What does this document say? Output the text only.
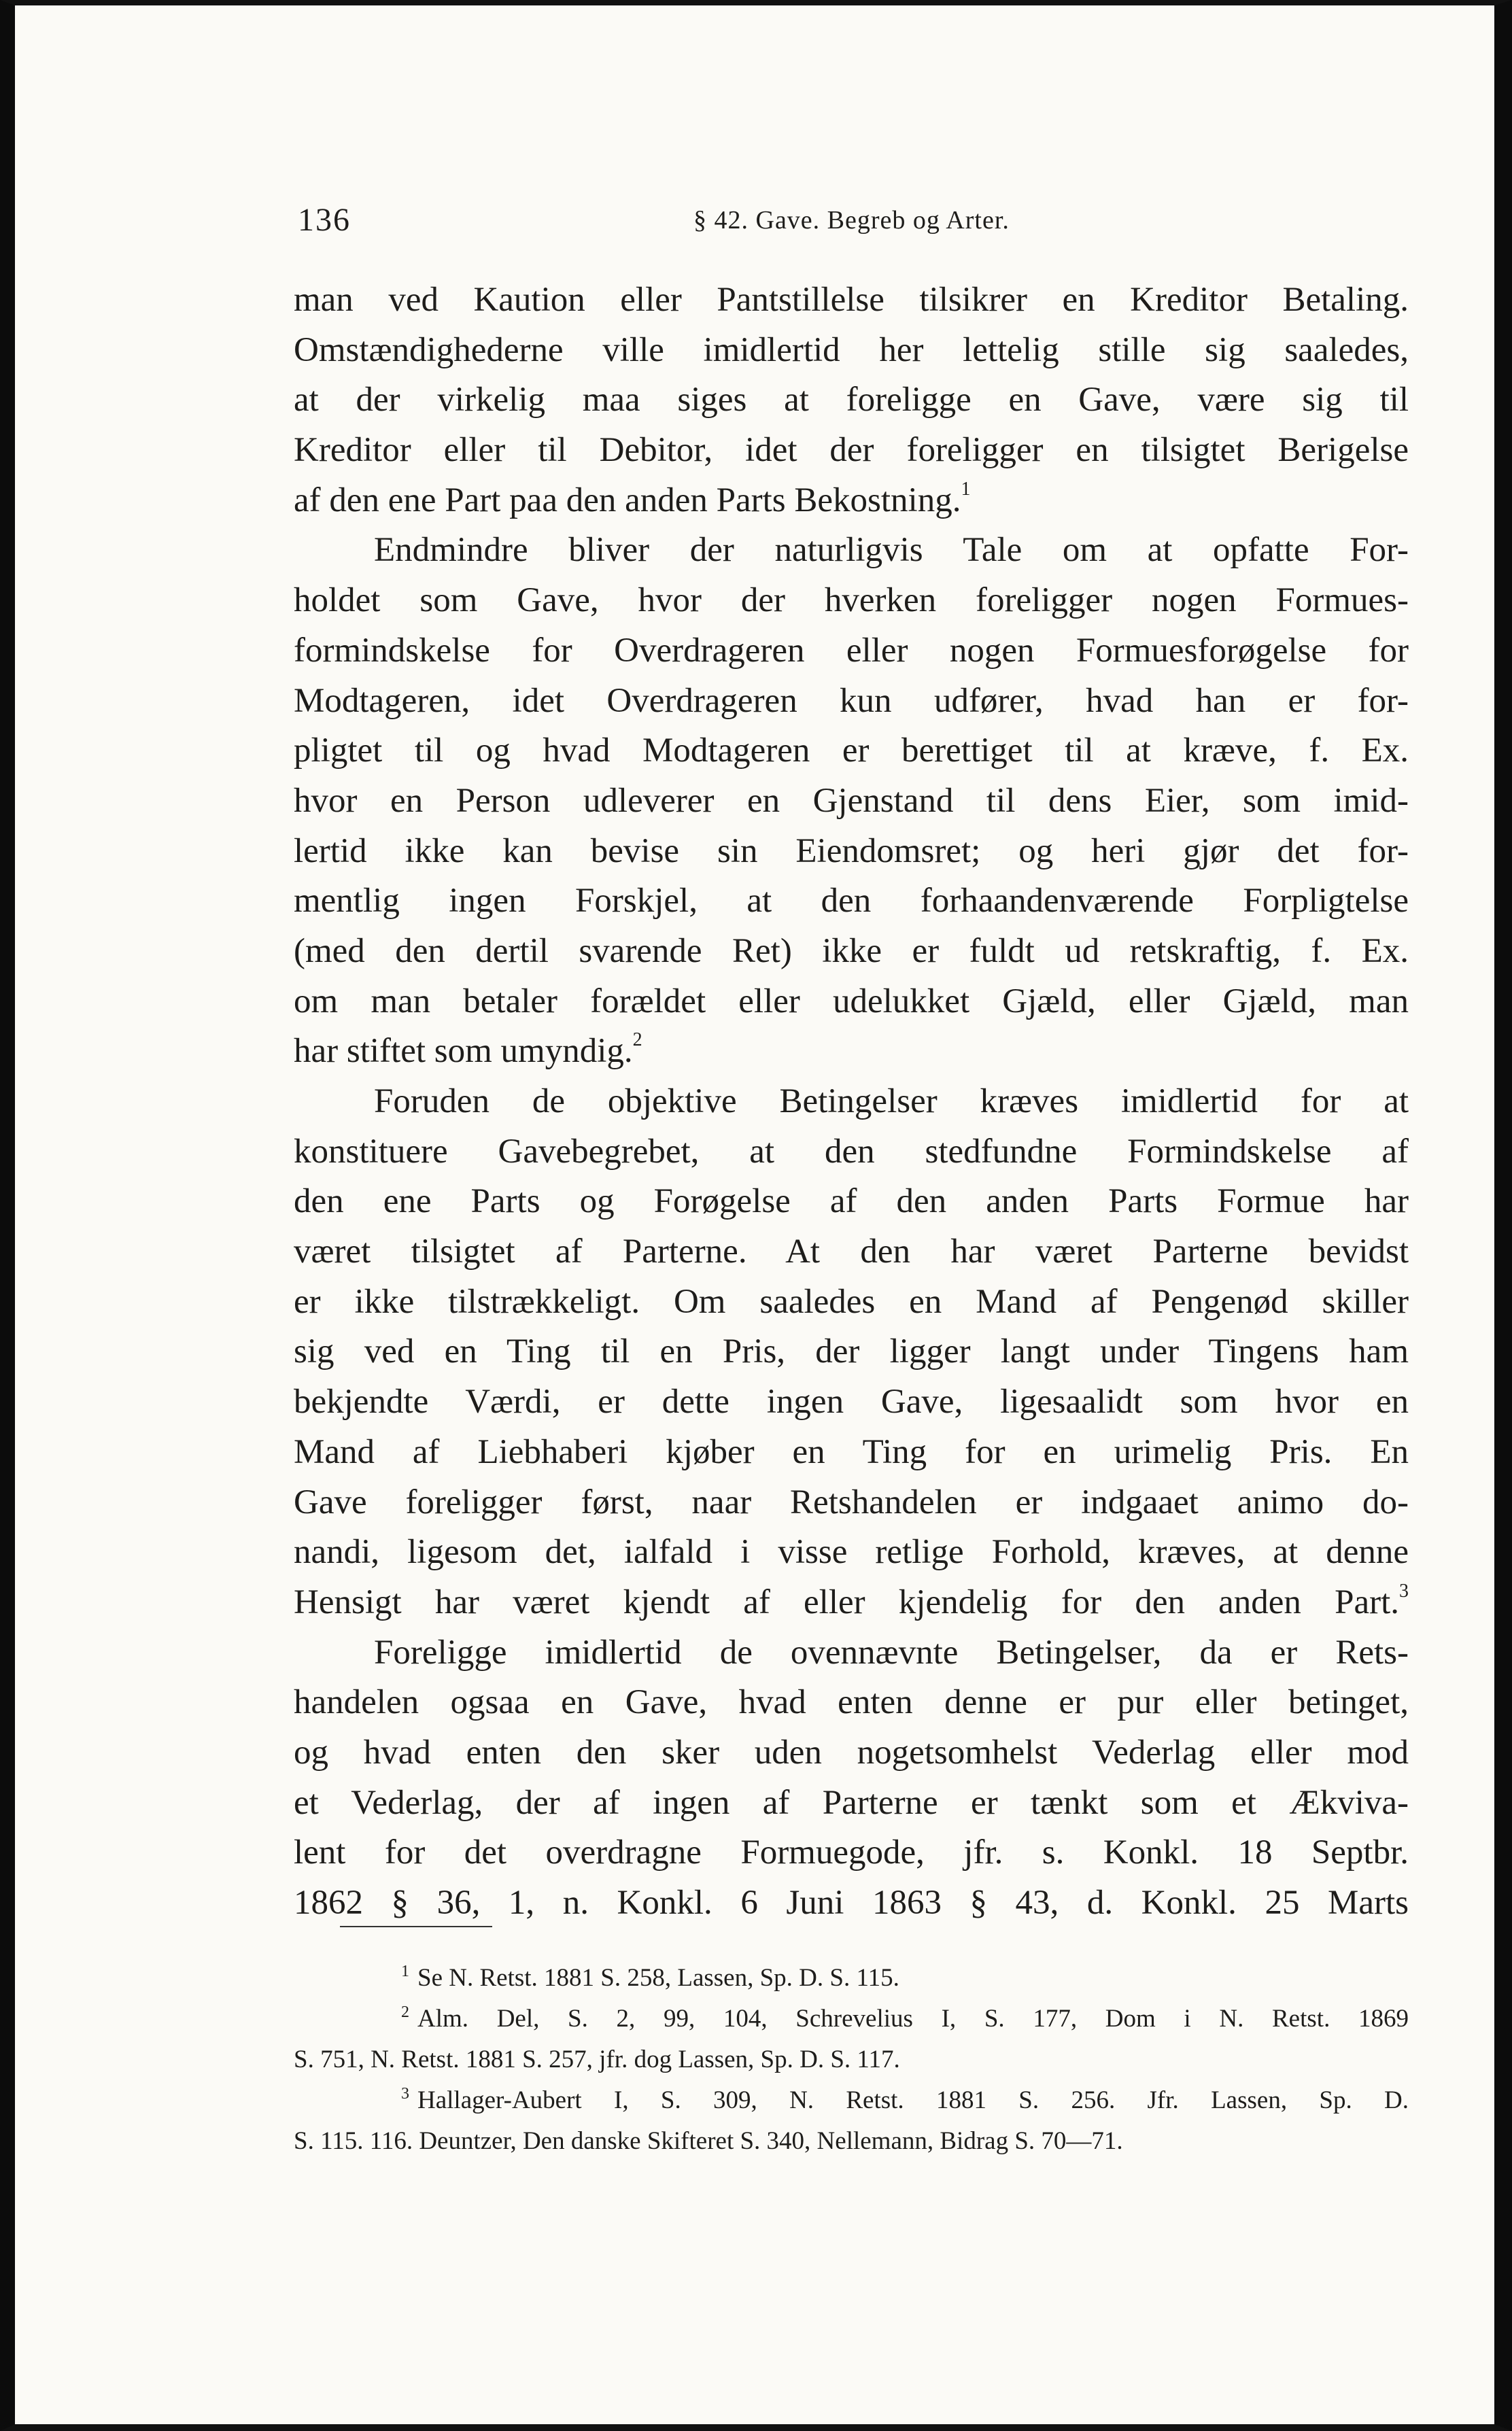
136	§ 42. Gave. Begreb og Arter.
man ved Kaution eller Pantstillelse tilsikrer en Kreditor Betaling.
Omstændighederne ville imidlertid her lettelig stille sig saaledes,
at der virkelig maa siges at foreligge en Gave, være sig til
Kreditor eller til Debitor, idet der foreligger en tilsigtet Berigelse
af den ene Part paa den anden Parts Bekostning.$^1$
Endmindre bliver der naturligvis Tale om at opfatte For-
holdet som Gave, hvor der hverken foreligger nogen Formues-
formindskelse for Overdrageren eller nogen Formuesforøgelse for
Modtageren, idet Overdrageren kun udfører, hvad han er for-
pligtet til og hvad Modtageren er berettiget til at kræve, f. Ex.
hvor en Person udleverer en Gjenstand til dens Eier, som imid-
lertid ikke kan bevise sin Eiendomsret; og heri gjør det for-
mentlig ingen Forskjel, at den forhaandenværende Forpligtelse
(med den dertil svarende Ret) ikke er fuldt ud retskraftig, f. Ex.
om man betaler forældet eller udelukket Gjæld, eller Gjæld, man
har stiftet som umyndig.$^2$
Foruden de objektive Betingelser kræves imidlertid for at
konstituere Gavebegrebet, at den stedfundne Formindskelse af
den ene Parts og Forøgelse af den anden Parts Formue har
været tilsigtet af Parterne. At den har været Parterne bevidst
er ikke tilstrækkeligt. Om saaledes en Mand af Pengenød skiller
sig ved en Ting til en Pris, der ligger langt under Tingens ham
bekjendte Værdi, er dette ingen Gave, ligesaalidt som hvor en
Mand af Liebhaberi kjøber en Ting for en urimelig Pris. En
Gave foreligger først, naar Retshandelen er indgaaet animo do-
nandi, ligesom det, ialfald i visse retlige Forhold, kræves, at denne
Hensigt har været kjendt af eller kjendelig for den anden Part.$^3$
Foreligge imidlertid de ovennævnte Betingelser, da er Rets-
handelen ogsaa en Gave, hvad enten denne er pur eller betinget,
og hvad enten den sker uden nogetsomhelst Vederlag eller mod
et Vederlag, der af ingen af Parterne er tænkt som et Ækviva-
lent for det overdragne Formuegode, jfr. s. Konkl. 18 Septbr.
1862 § 36, 1, n. Konkl. 6 Juni 1863 § 43, d. Konkl. 25 Marts
$^1$ Se N. Retst. 1881 S. 258, Lassen, Sp. D. S. 115.
$^2$ Alm. Del, S. 2, 99, 104, Schrevelius I, S. 177, Dom i N. Retst. 1869
S. 751, N. Retst. 1881 S. 257, jfr. dog Lassen, Sp. D. S. 117.
$^3$ Hallager-Aubert I, S. 309, N. Retst. 1881 S. 256. Jfr. Lassen, Sp. D.
S. 115. 116. Deuntzer, Den danske Skifteret S. 340, Nellemann, Bidrag S. 70—71.
